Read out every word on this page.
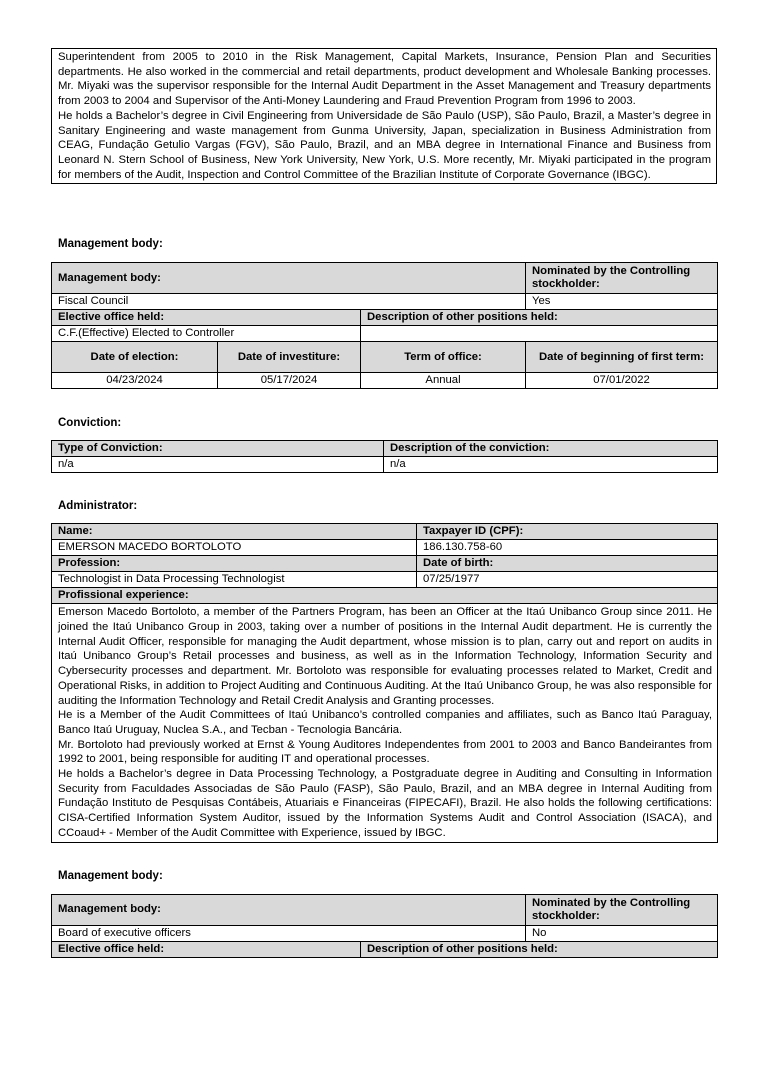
Superintendent from 2005 to 2010 in the Risk Management, Capital Markets, Insurance, Pension Plan and Securities departments. He also worked in the commercial and retail departments, product development and Wholesale Banking processes. Mr. Miyaki was the supervisor responsible for the Internal Audit Department in the Asset Management and Treasury departments from 2003 to 2004 and Supervisor of the Anti-Money Laundering and Fraud Prevention Program from 1996 to 2003.

He holds a Bachelor’s degree in Civil Engineering from Universidade de São Paulo (USP), São Paulo, Brazil, a Master’s degree in Sanitary Engineering and waste management from Gunma University, Japan, specialization in Business Administration from CEAG, Fundação Getulio Vargas (FGV), São Paulo, Brazil, and an MBA degree in International Finance and Business from Leonard N. Stern School of Business, New York University, New York, U.S. More recently, Mr. Miyaki participated in the program for members of the Audit, Inspection and Control Committee of the Brazilian Institute of Corporate Governance (IBGC).

Management body:
Management body:			Nominated by the Controlling stockholder:
Fiscal Council			Yes
Elective office held:		Description of other positions held:	
C.F.(Effective) Elected to Controller			
Date of election:	Date of investiture:	Term of office:	Date of beginning of first term:
04/23/2024	05/17/2024	Annual	07/01/2022
Conviction:
Type of Conviction:	Description of the conviction:
n/a	n/a
Administrator:
Name:	Taxpayer ID (CPF):
EMERSON MACEDO BORTOLOTO	186.130.758-60
Profession:	Date of birth:
Technologist in Data Processing Technologist	07/25/1977
Profissional experience:	

Emerson Macedo Bortoloto, a member of the Partners Program, has been an Officer at the Itaú Unibanco Group since 2011. He joined the Itaú Unibanco Group in 2003, taking over a number of positions in the Internal Audit department. He is currently the Internal Audit Officer, responsible for managing the Audit department, whose mission is to plan, carry out and report on audits in Itaú Unibanco Group’s Retail processes and business, as well as in the Information Technology, Information Security and Cybersecurity processes and department. Mr. Bortoloto was responsible for evaluating processes related to Market, Credit and Operational Risks, in addition to Project Auditing and Continuous Auditing. At the Itaú Unibanco Group, he was also responsible for auditing the Information Technology and Retail Credit Analysis and Granting processes.

He is a Member of the Audit Committees of Itaú Unibanco’s controlled companies and affiliates, such as Banco Itaú Paraguay, Banco Itaú Uruguay, Nuclea S.A., and Tecban - Tecnologia Bancária.

Mr. Bortoloto had previously worked at Ernst & Young Auditores Independentes from 2001 to 2003 and Banco Bandeirantes from 1992 to 2001, being responsible for auditing IT and operational processes.

He holds a Bachelor’s degree in Data Processing Technology, a Postgraduate degree in Auditing and Consulting in Information Security from Faculdades Associadas de São Paulo (FASP), São Paulo, Brazil, and an MBA degree in Internal Auditing from Fundação Instituto de Pesquisas Contábeis, Atuariais e Financeiras (FIPECAFI), Brazil. He also holds the following certifications: CISA-Certified Information System Auditor, issued by the Information Systems Audit and Control Association (ISACA), and CCoaud+ - Member of the Audit Committee with Experience, issued by IBGC.	

Management body:
Management body:		Nominated by the Controlling stockholder:
Board of executive officers		No
Elective office held:	Description of other positions held:	
